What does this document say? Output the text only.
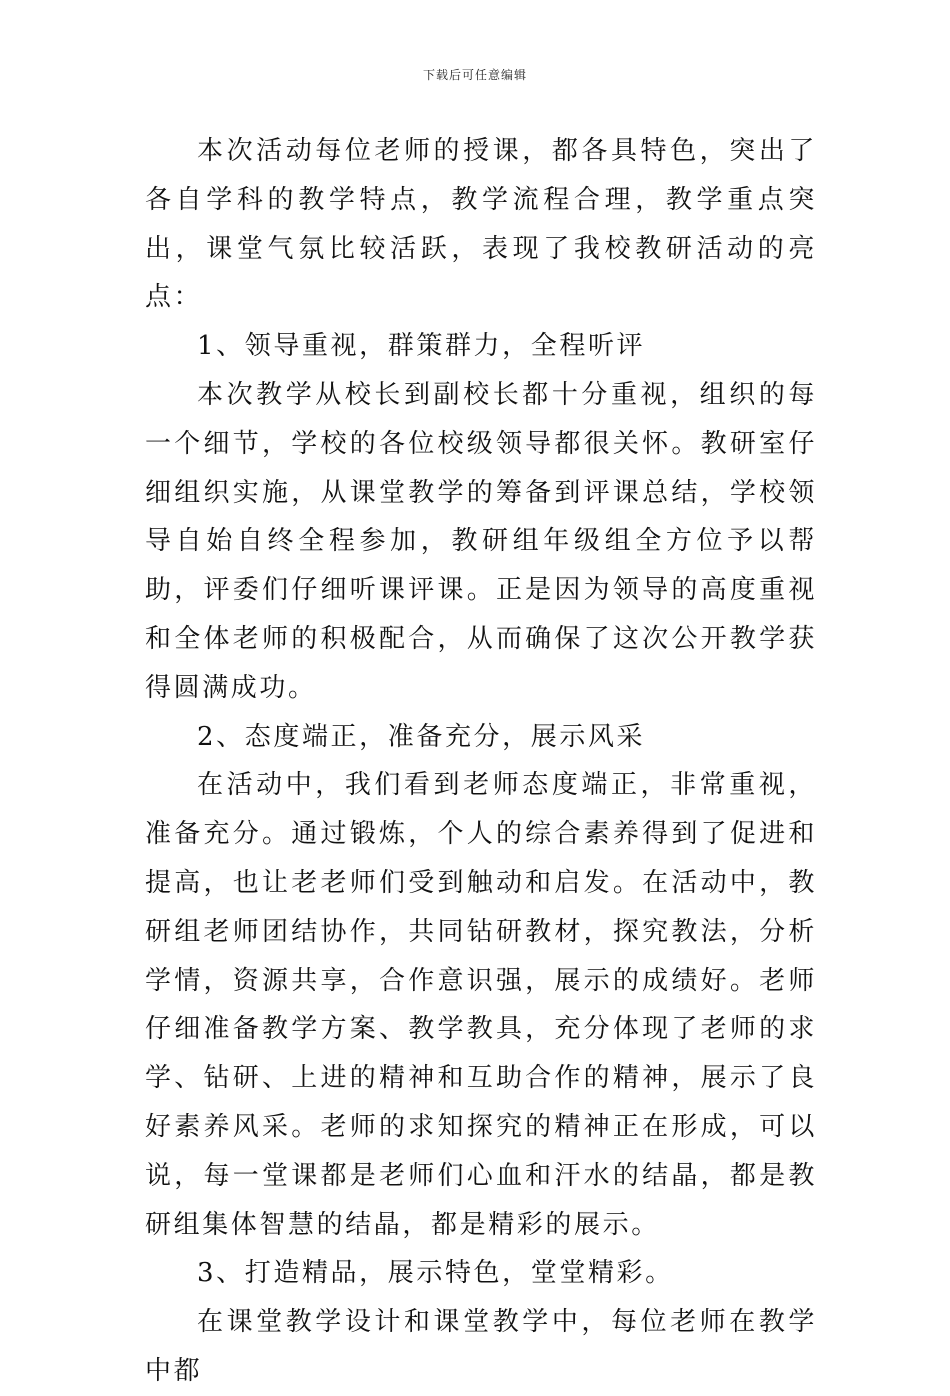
下载后可任意编辑

本次活动每位老师的授课，都各具特色，突出了各自学科的教学特点，教学流程合理，教学重点突出，课堂气氛比较活跃，表现了我校教研活动的亮点：

1、领导重视，群策群力，全程听评

本次教学从校长到副校长都十分重视，组织的每一个细节，学校的各位校级领导都很关怀。教研室仔细组织实施，从课堂教学的筹备到评课总结，学校领导自始自终全程参加，教研组年级组全方位予以帮助，评委们仔细听课评课。正是因为领导的高度重视和全体老师的积极配合，从而确保了这次公开教学获得圆满成功。

2、态度端正，准备充分，展示风采

在活动中，我们看到老师态度端正，非常重视，准备充分。通过锻炼，个人的综合素养得到了促进和提高，也让老老师们受到触动和启发。在活动中，教研组老师团结协作，共同钻研教材，探究教法，分析学情，资源共享，合作意识强，展示的成绩好。老师仔细准备教学方案、教学教具，充分体现了老师的求学、钻研、上进的精神和互助合作的精神，展示了良好素养风采。老师的求知探究的精神正在形成，可以说，每一堂课都是老师们心血和汗水的结晶，都是教研组集体智慧的结晶，都是精彩的展示。

3、打造精品，展示特色，堂堂精彩。

在课堂教学设计和课堂教学中，每位老师在教学中都
